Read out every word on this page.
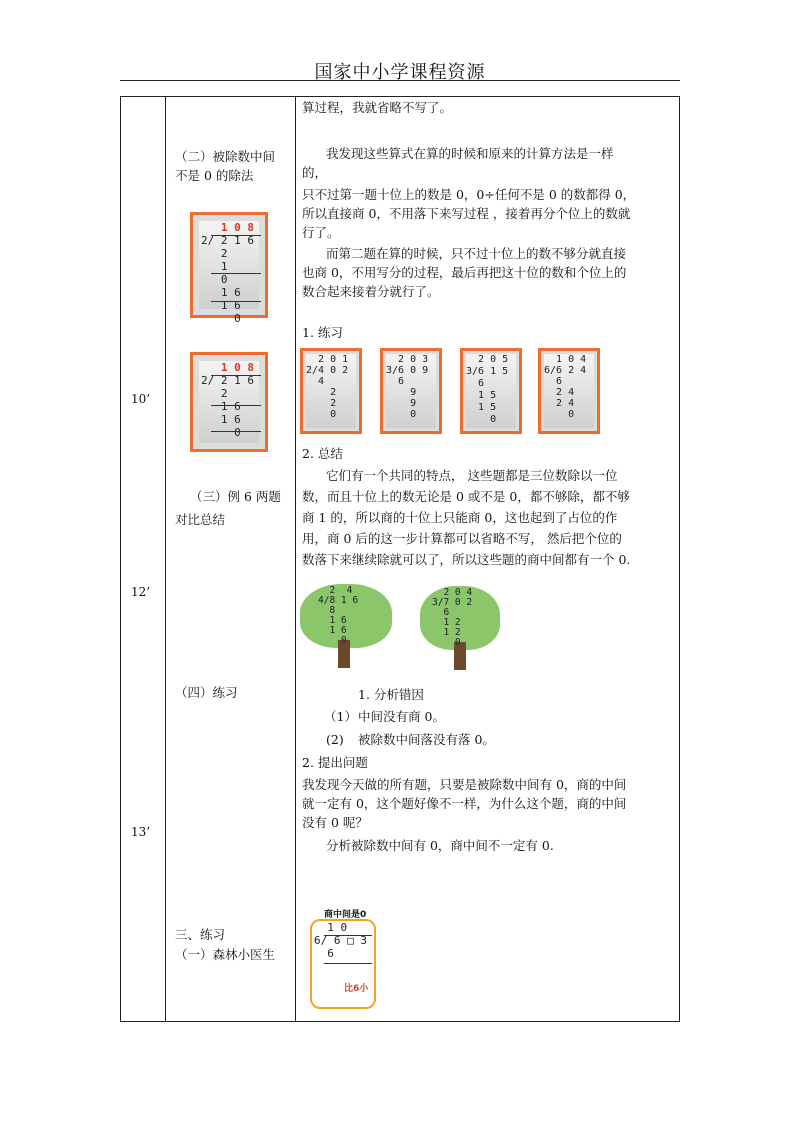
国家中小学课程资源
10’
12’
13’
（二）被除数中间
不是 0 的除法
1 0 8
2/ 2 1 6
2
1
0
1 6
1 6
0
1 0 8
2/ 2 1 6
2
1 6
1 6
0
（三）例 6 两题
对比总结
（四）练习
三、练习
（一）森林小医生
算过程，我就省略不写了。
我发现这些算式在算的时候和原来的计算方法是一样
的，
只不过第一题十位上的数是 0，0÷任何不是 0 的数都得 0，
所以直接商 0，不用落下来写过程 ，接着再分个位上的数就
行了。
而第二题在算的时候，只不过十位上的数不够分就直接
也商 0，不用写分的过程，最后再把这十位的数和个位上的
数合起来接着分就行了。
1. 练习
2 0 1
2/4 0 2
4
2
2
0
2 0 3
3/6 0 9
6
9
9
0
2 0 5
3/6 1 5
6
1 5
1 5
0
1 0 4
6/6 2 4
6
2 4
2 4
0
2. 总结
它们有一个共同的特点， 这些题都是三位数除以一位
数，而且十位上的数无论是 0 或不是 0，都不够除，都不够
商 1 的，所以商的十位上只能商 0，这也起到了占位的作
用，商 0 后的这一步计算都可以省略不写， 然后把个位的
数落下来继续除就可以了，所以这些题的商中间都有一个 0.
2  4
4/8 1 6
8
1 6
1 6
0
2 0 4
3/7 0 2
6
1 2
1 2
0
1. 分析错因
（1） 中间没有商 0。
(2) 被除数中间落没有落 0。
2. 提出问题
我发现今天做的所有题，只要是被除数中间有 0，商的中间
就一定有 0，这个题好像不一样，为什么这个题，商的中间
没有 0 呢？
分析被除数中间有 0，商中间不一定有 0.
商中间是0
1 0
6/ 6 □ 3
6
比6小
